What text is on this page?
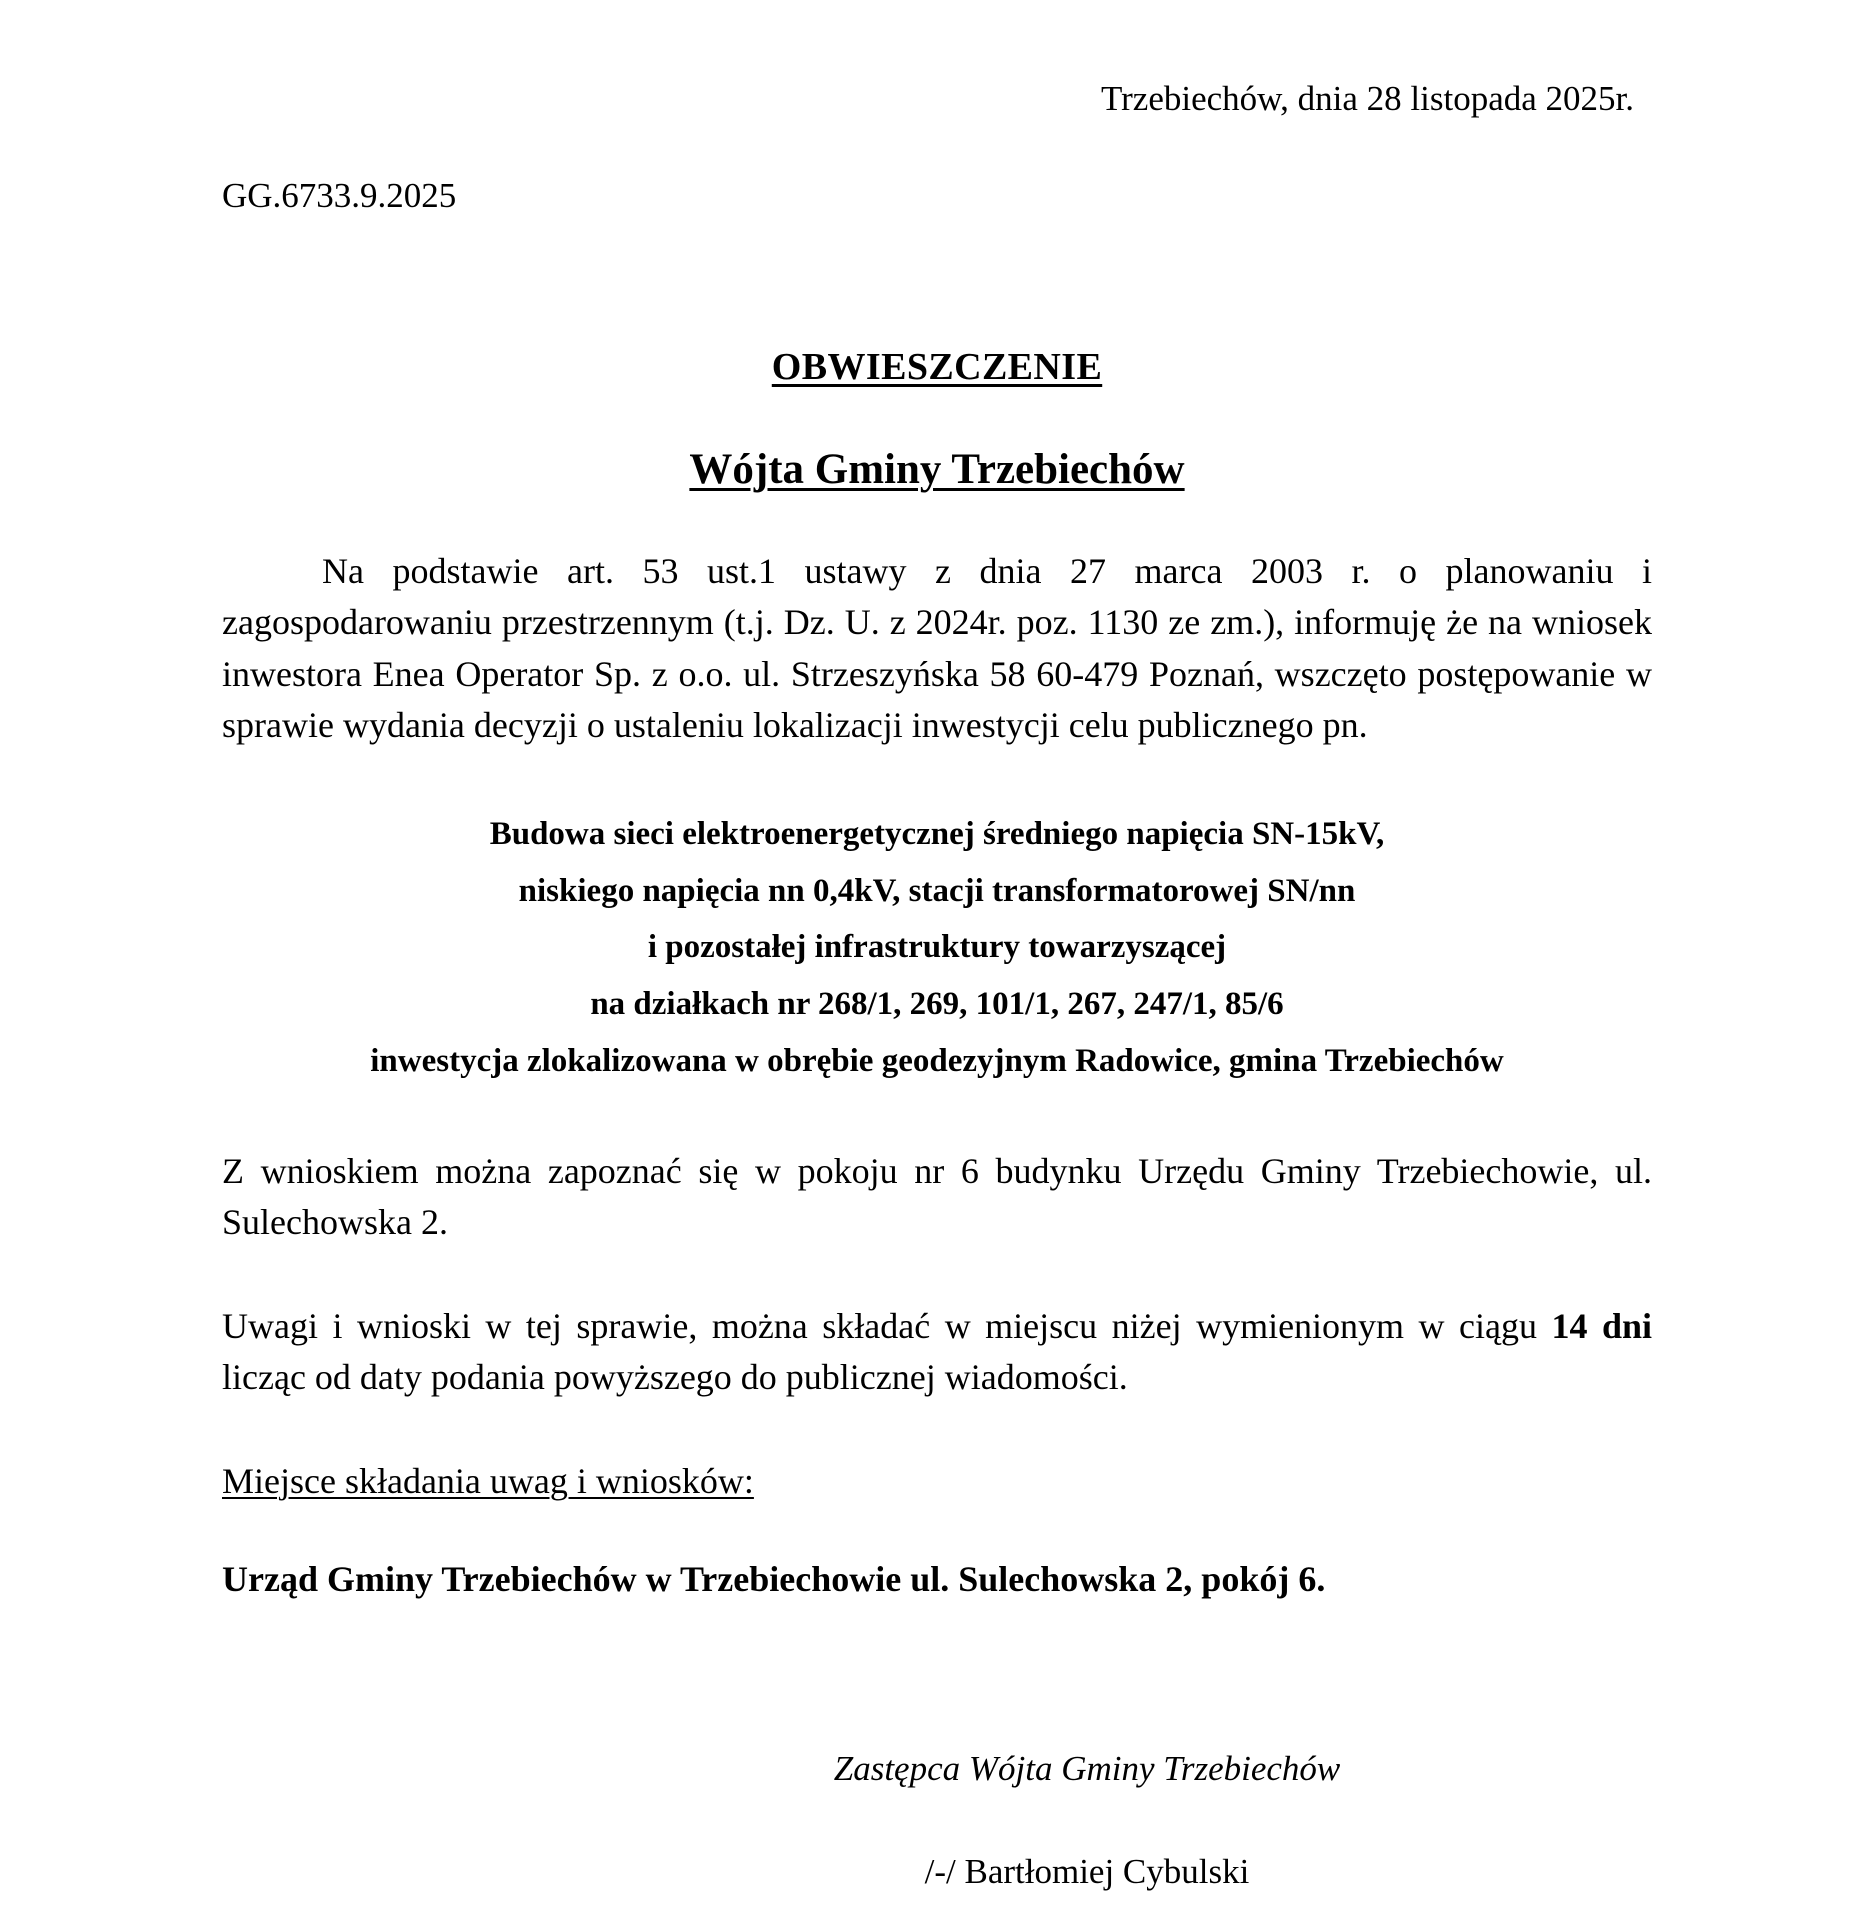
Trzebiechów, dnia 28 listopada 2025r.
GG.6733.9.2025
OBWIESZCZENIE
Wójta Gminy Trzebiechów
Na podstawie art. 53 ust.1 ustawy z dnia 27 marca 2003 r. o planowaniu i zagospodarowaniu przestrzennym (t.j. Dz. U. z 2024r. poz. 1130 ze zm.), informuję że na wniosek inwestora Enea Operator Sp. z o.o. ul. Strzeszyńska 58 60-479 Poznań, wszczęto postępowanie w sprawie wydania decyzji o ustaleniu lokalizacji inwestycji celu publicznego pn.
Budowa sieci elektroenergetycznej średniego napięcia SN-15kV,
niskiego napięcia nn 0,4kV, stacji transformatorowej SN/nn
i pozostałej infrastruktury towarzyszącej
na działkach nr 268/1, 269, 101/1, 267, 247/1, 85/6
inwestycja zlokalizowana w obrębie geodezyjnym Radowice, gmina Trzebiechów
Z wnioskiem można zapoznać się w pokoju nr 6 budynku Urzędu Gminy Trzebiechowie, ul. Sulechowska 2.
Uwagi i wnioski w tej sprawie, można składać w miejscu niżej wymienionym w ciągu 14 dni licząc od daty podania powyższego do publicznej wiadomości.
Miejsce składania uwag i wniosków:
Urząd Gminy Trzebiechów w Trzebiechowie ul. Sulechowska 2, pokój 6.
Zastępca Wójta Gminy Trzebiechów
/-/ Bartłomiej Cybulski
